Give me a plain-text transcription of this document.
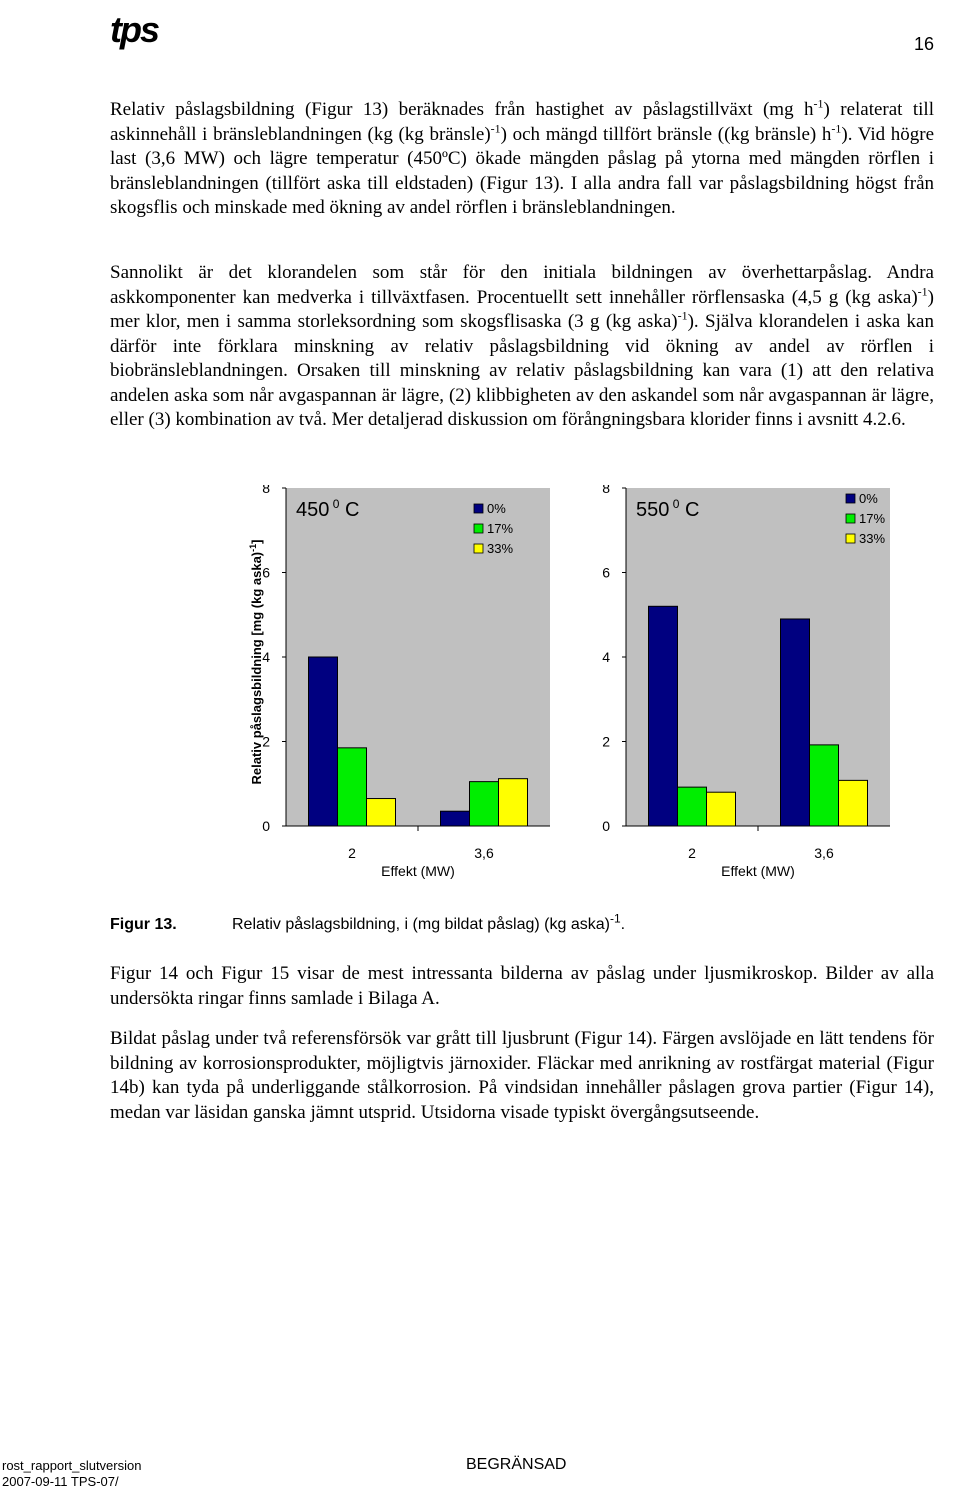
tps	16

Relativ påslagsbildning (Figur 13) beräknades från hastighet av påslagstillväxt (mg $h^{-1}$) relaterat till askinnehåll i bränsleblandningen (kg (kg bränsle)$^{-1}$) och mängd tillfört bränsle ((kg bränsle) $h^{-1}$). Vid högre last (3,6 MW) och lägre temperatur (450ºC) ökade mängden påslag på ytorna med mängden rörflen i bränsleblandningen (tillfört aska till eldstaden) (Figur 13). I alla andra fall var påslagsbildning högst från skogsflis och minskade med ökning av andel rörflen i bränsleblandningen.

Sannolikt är det klorandelen som står för den initiala bildningen av överhettarpåslag. Andra askkomponenter kan medverka i tillväxtfasen. Procentuellt sett innehåller rörflensaska (4,5 g (kg aska)$^{-1}$) mer klor, men i samma storleksordning som skogsflisaska (3 g (kg aska)$^{-1}$). Själva klorandelen i aska kan därför inte förklara minskning av relativ påslagsbildning vid ökning av andel av rörflen i biobränsleblandningen. Orsaken till minskning av relativ påslagsbildning kan vara (1) att den relativa andelen aska som når avgaspannan är lägre, (2) klibbigheten av den askandel som når avgaspannan är lägre, eller (3) kombination av två. Mer detaljerad diskussion om förångningsbara klorider finns i avsnitt 4.2.6.

0
2
4
6
8
2	3,6
Effekt (MW)
450 $^0$ C	0%
17%
33%
Relativ påslagsbildning [mg (kg aska)$^{-1}$]
0
2
4
6
8
2	3,6
Effekt (MW)
550 $^0$ C
0%
17%
33%
Figur 13.	Relativ påslagsbildning, i (mg bildat påslag) (kg aska)$^{-1}$.

Figur 14 och Figur 15 visar de mest intressanta bilderna av påslag under ljusmikroskop. Bilder av alla undersökta ringar finns samlade i Bilaga A.

Bildat påslag under två referensförsök var grått till ljusbrunt (Figur 14). Färgen avslöjade en lätt tendens för bildning av korrosionsprodukter, möjligtvis järnoxider. Fläckar med anrikning av rostfärgat material (Figur 14b) kan tyda på underliggande stålkorrosion. På vindsidan innehåller påslagen grova partier (Figur 14), medan var läsidan ganska jämnt utsprid. Utsidorna visade typiskt övergångsutseende.

rost_rapport_slutversion
2007-09-11 TPS-07/
BEGRÄNSAD
